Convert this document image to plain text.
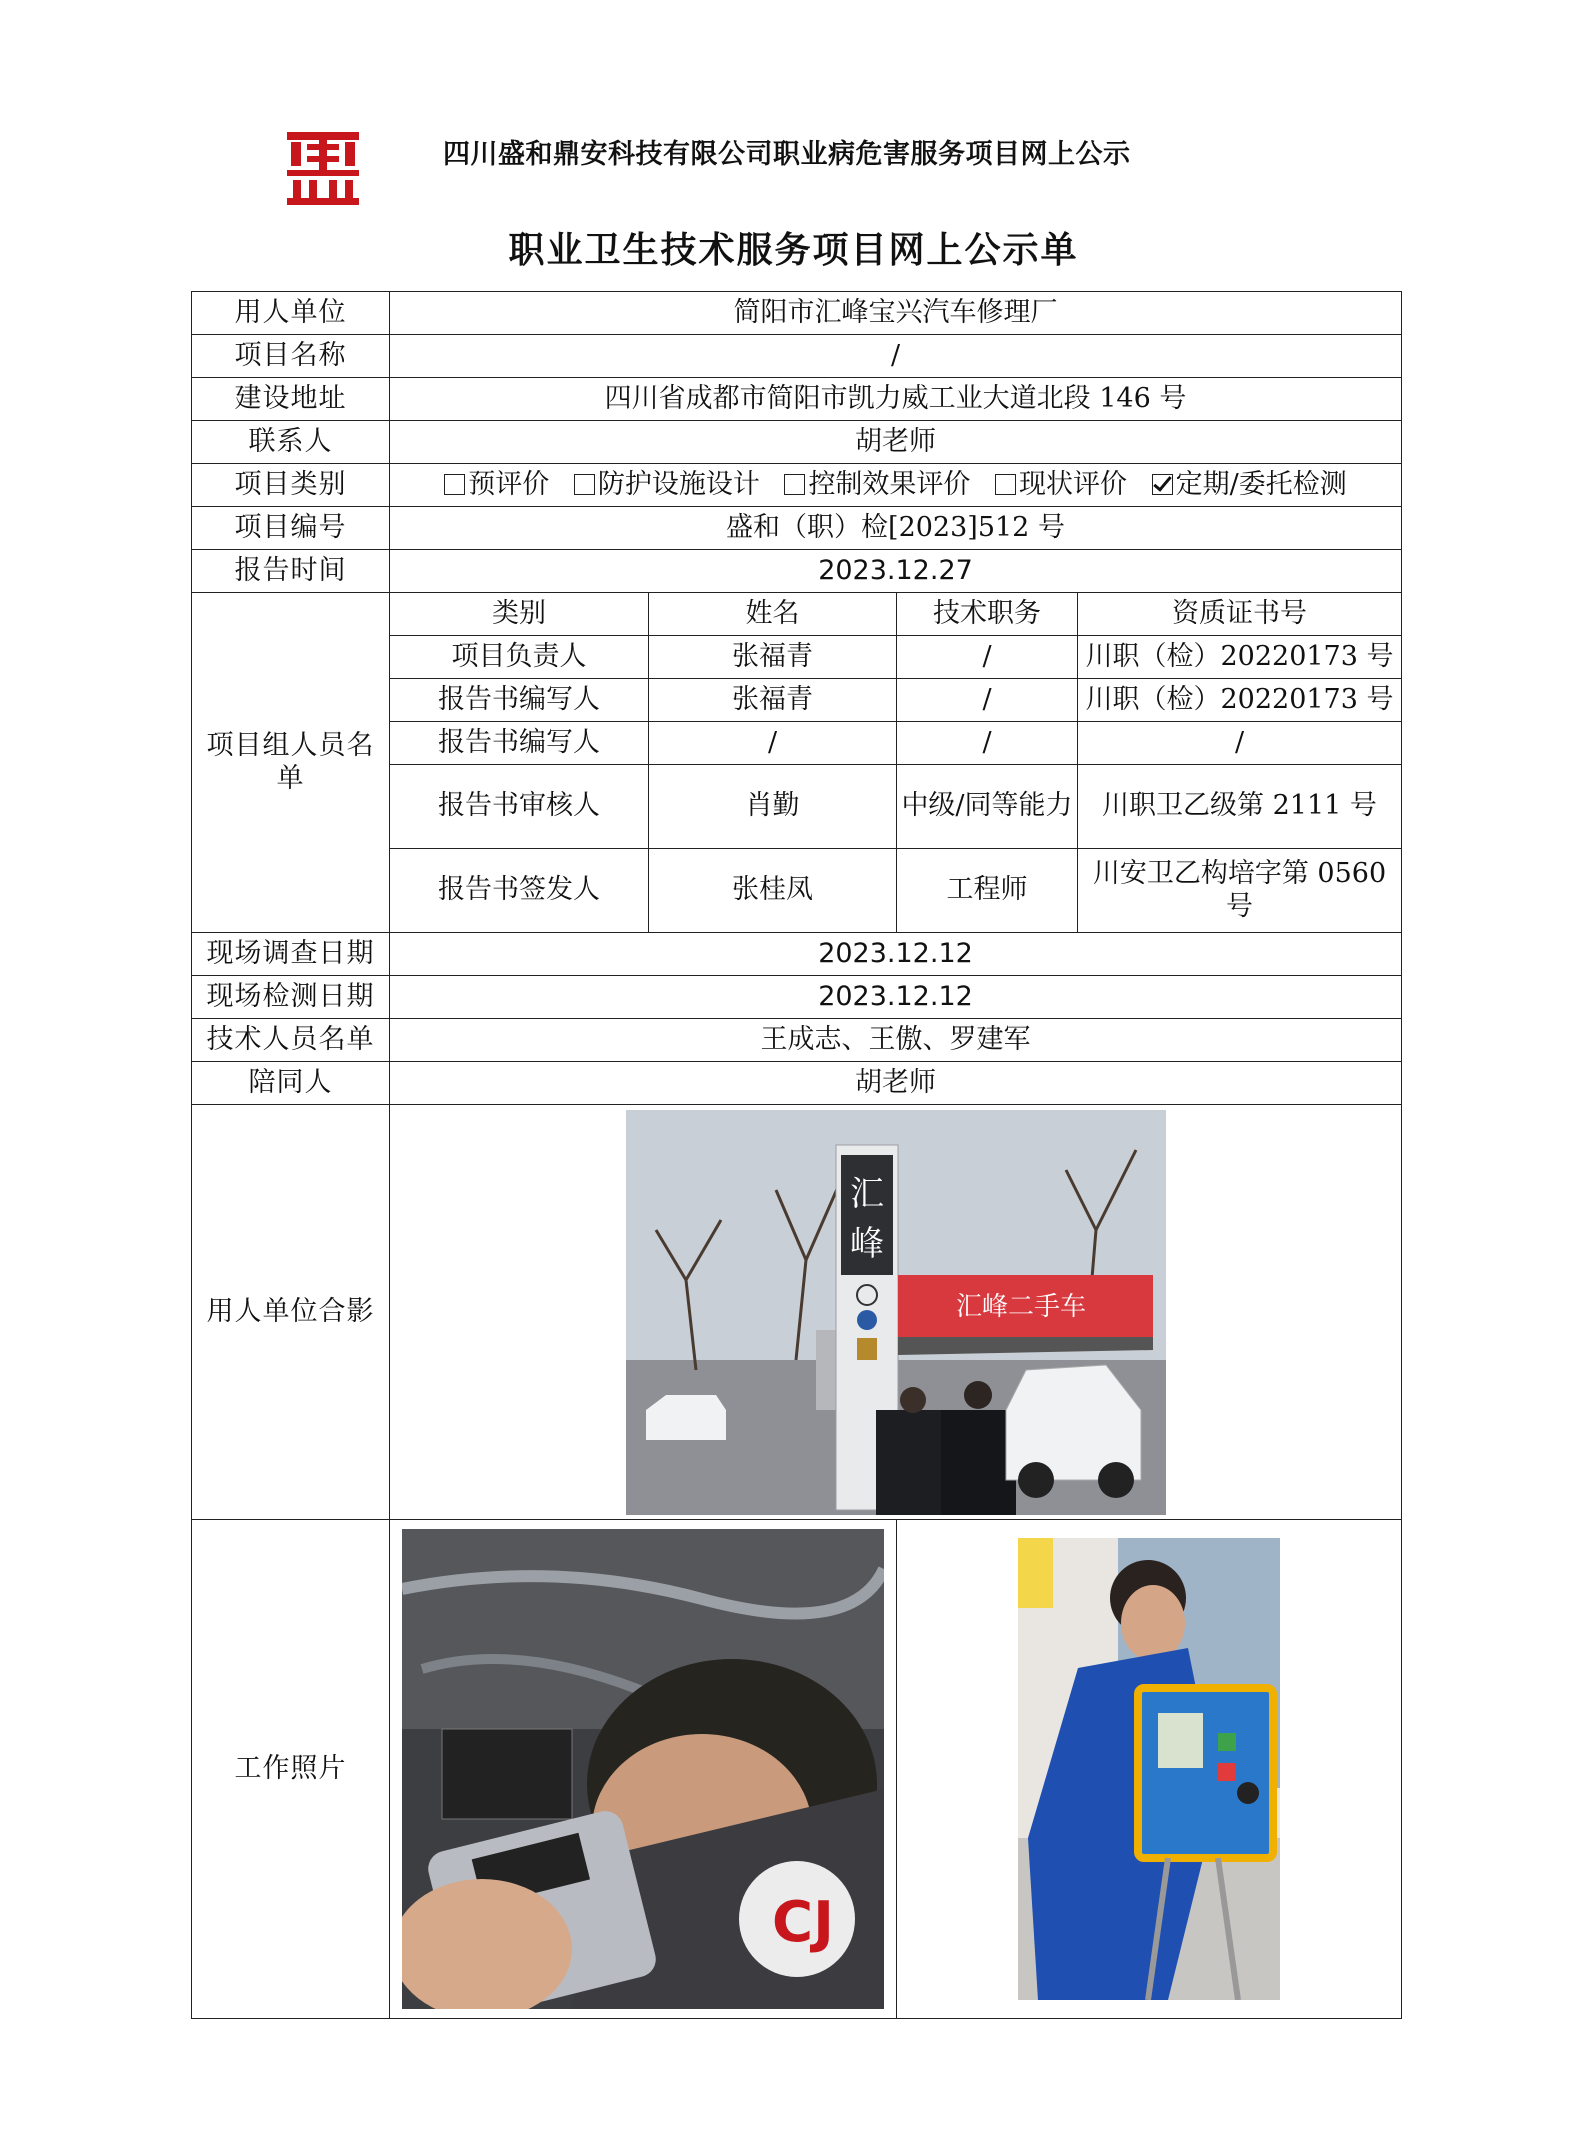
四川盛和鼎安科技有限公司职业病危害服务项目网上公示
职业卫生技术服务项目网上公示单
用人单位	简阳市汇峰宝兴汽车修理厂			
项目名称	/			
建设地址	四川省成都市简阳市凯力威工业大道北段 146 号			
联系人	胡老师			
项目类别	预评价 防护设施设计 控制效果评价 现状评价 定期/委托检测			
项目编号	盛和（职）检[2023]512 号			
报告时间	2023.12.27			
项目组人员名单	类别	姓名	技术职务	资质证书号
	项目负责人	张福青	/	川职（检）20220173 号
	报告书编写人	张福青	/	川职（检）20220173 号
	报告书编写人	/	/	/
	报告书审核人	肖勤	中级/同等能力	川职卫乙级第 2111 号
	报告书签发人	张桂凤	工程师	川安卫乙构培字第 0560 号
现场调查日期	2023.12.12			
现场检测日期	2023.12.12			
技术人员名单	王成志、王傲、罗建军			
陪同人	胡老师			
用人单位合影	汇
峰
汇峰二手车			

工作照片	CJ
